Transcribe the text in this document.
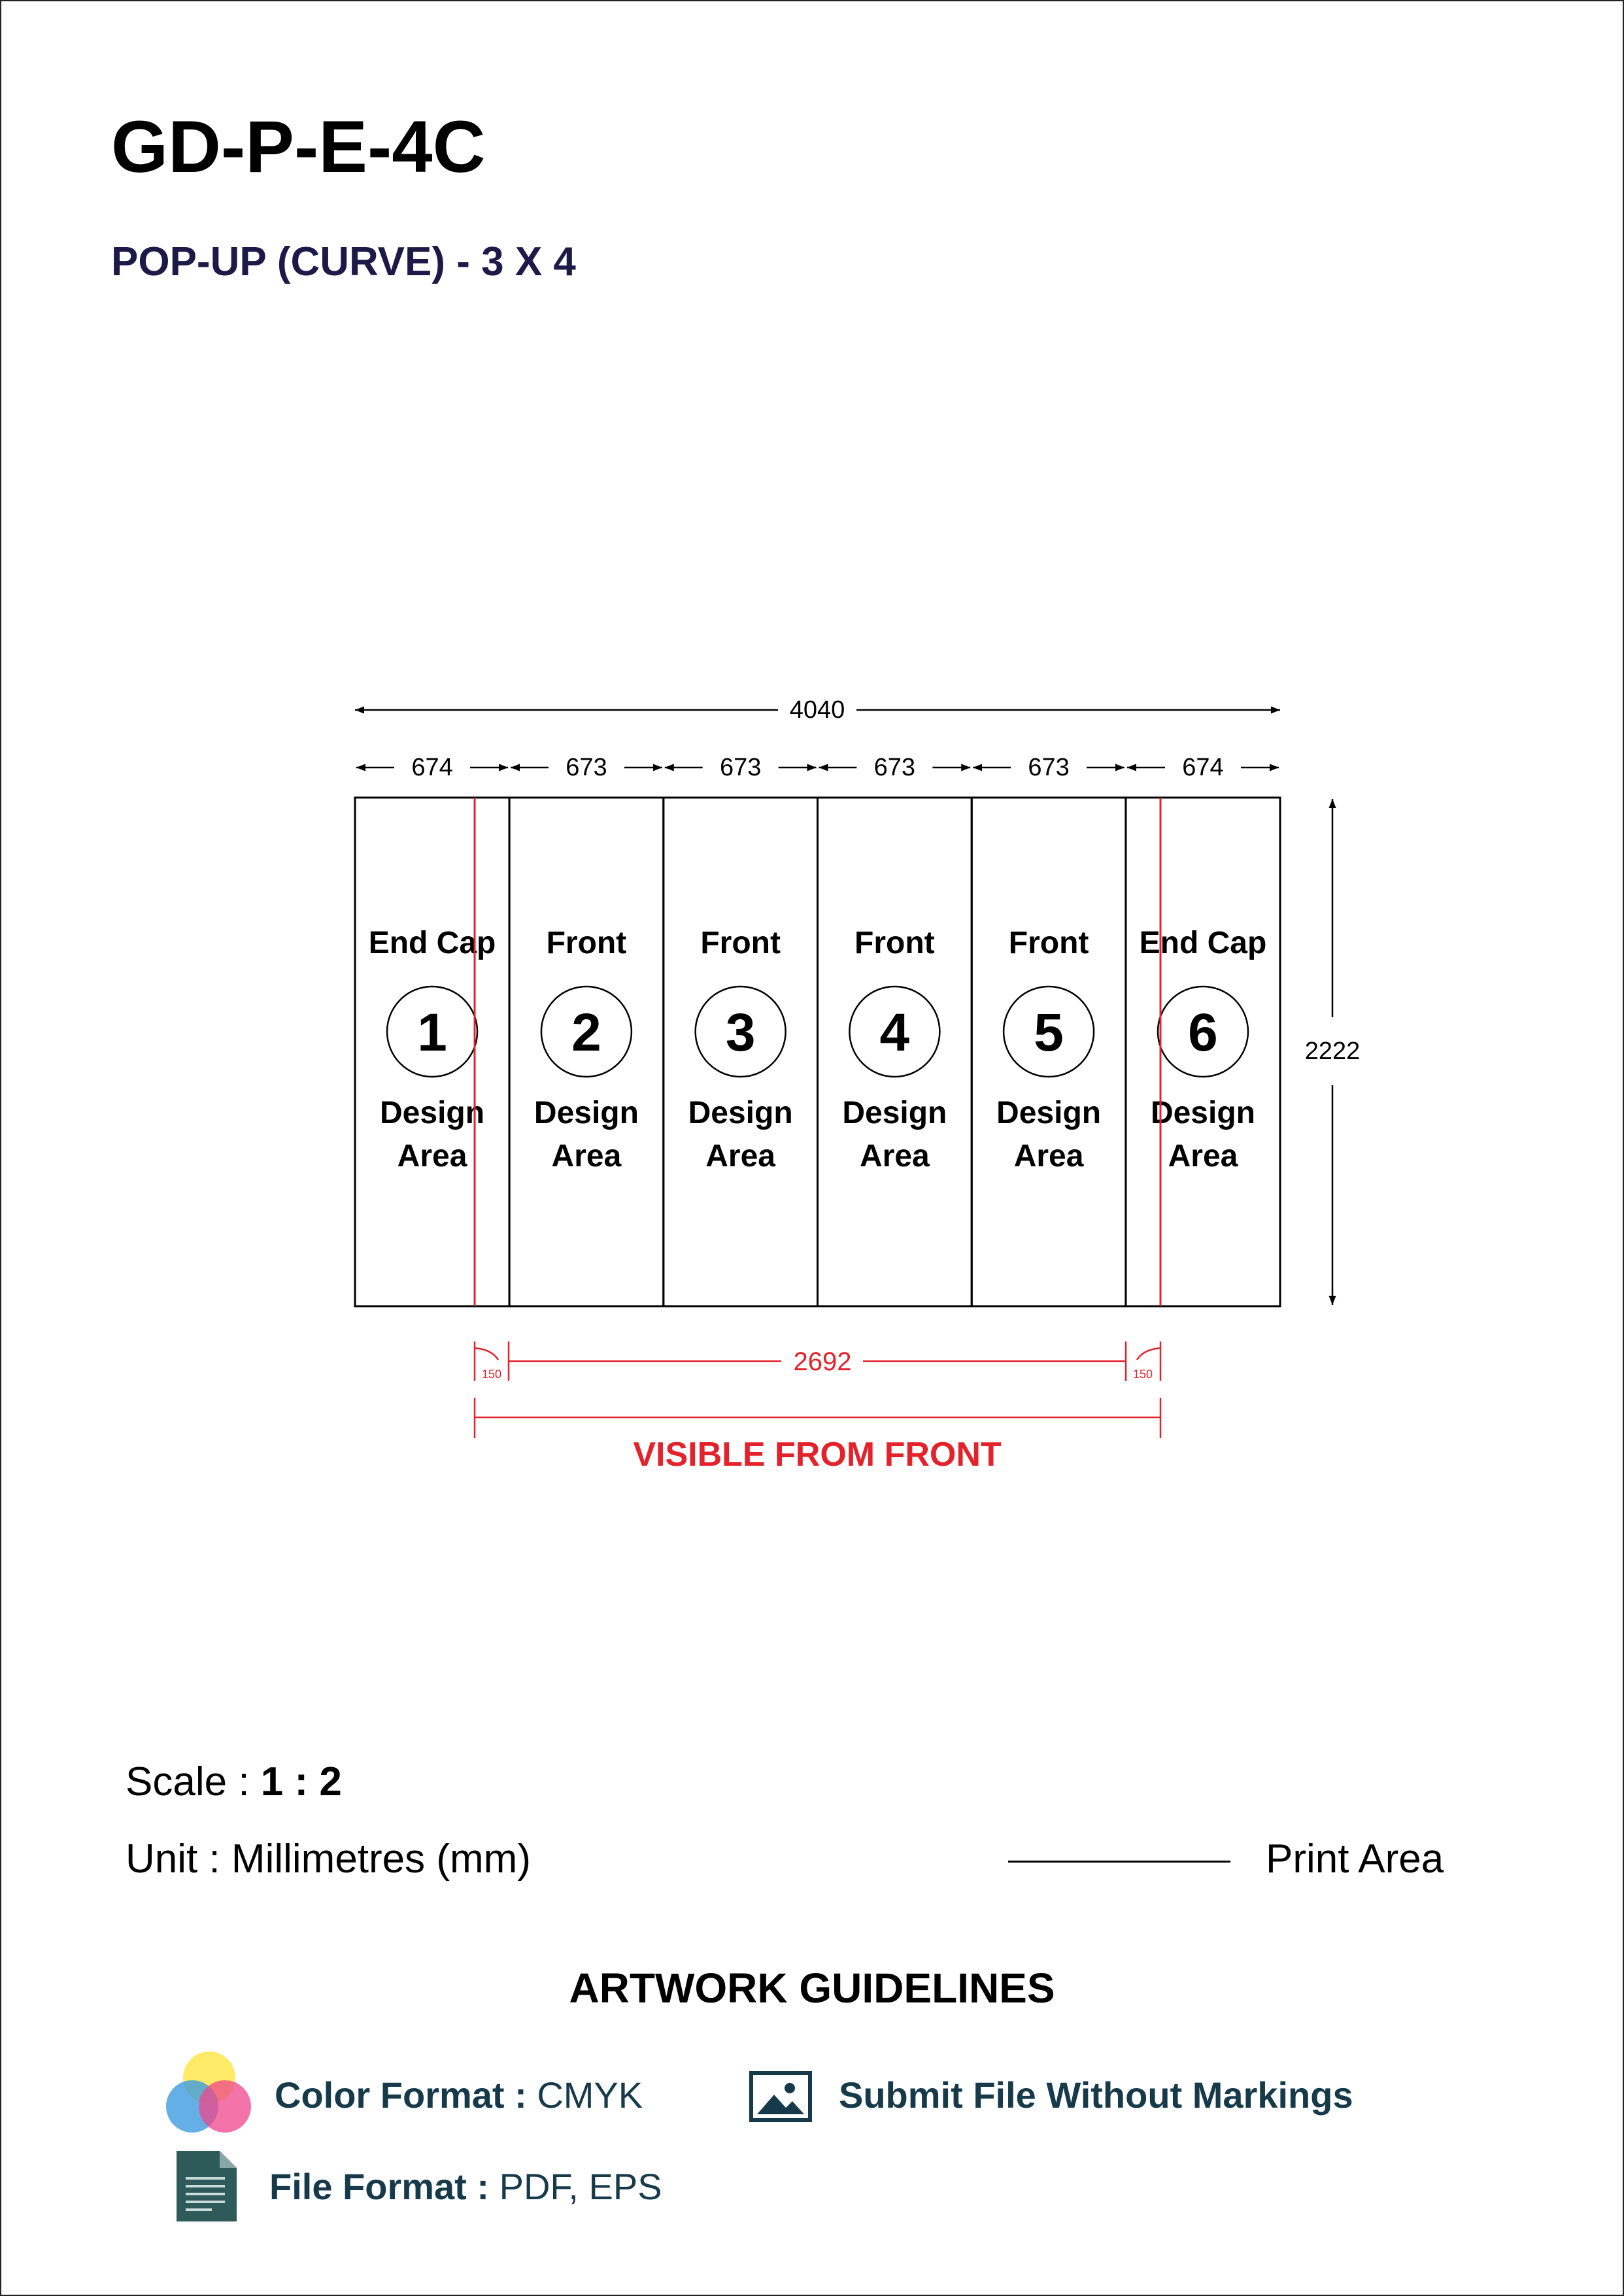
GD-P-E-4C
POP-UP (CURVE) - 3 X 4
4040
674	673	673	673	673	674
End Cap
1
Design
Area
Front
2
Design
Area
Front
3
Design
Area
Front
4
Design
Area
Front
5
Design
Area
End Cap
6
Design
Area
2222
2692
150	150
VISIBLE FROM FRONT
Scale : 1 : 2
Unit : Millimetres (mm)	Print Area
ARTWORK GUIDELINES
Color Format : CMYK	Submit File Without Markings
File Format : PDF, EPS
